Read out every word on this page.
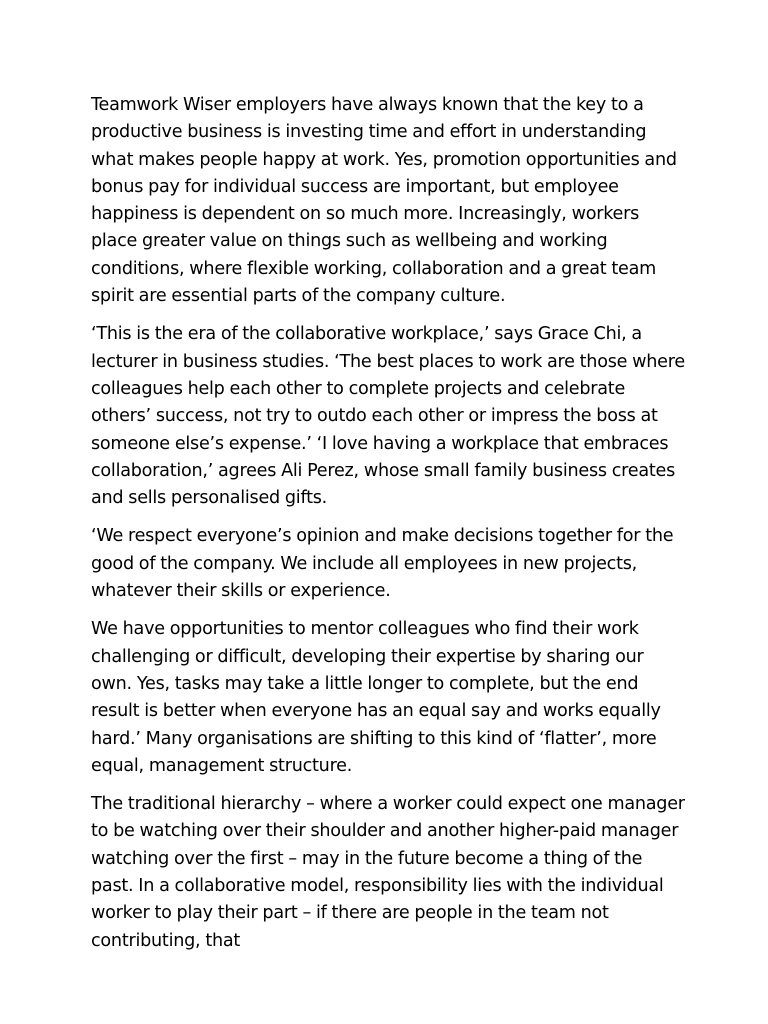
Teamwork Wiser employers have always known that the key to a productive business is investing time and effort in understanding what makes people happy at work. Yes, promotion opportunities and bonus pay for individual success are important, but employee happiness is dependent on so much more. Increasingly, workers place greater value on things such as wellbeing and working conditions, where flexible working, collaboration and a great team spirit are essential parts of the company culture.

‘This is the era of the collaborative workplace,’ says Grace Chi, a lecturer in business studies. ‘The best places to work are those where colleagues help each other to complete projects and celebrate others’ success, not try to outdo each other or impress the boss at someone else’s expense.’ ‘I love having a workplace that embraces collaboration,’ agrees Ali Perez, whose small family business creates and sells personalised gifts.

‘We respect everyone’s opinion and make decisions together for the good of the company. We include all employees in new projects, whatever their skills or experience.

We have opportunities to mentor colleagues who find their work challenging or difficult, developing their expertise by sharing our own. Yes, tasks may take a little longer to complete, but the end result is better when everyone has an equal say and works equally hard.’ Many organisations are shifting to this kind of ‘flatter’, more equal, management structure.

The traditional hierarchy – where a worker could expect one manager to be watching over their shoulder and another higher-paid manager watching over the first – may in the future become a thing of the past. In a collaborative model, responsibility lies with the individual worker to play their part – if there are people in the team not contributing, that
